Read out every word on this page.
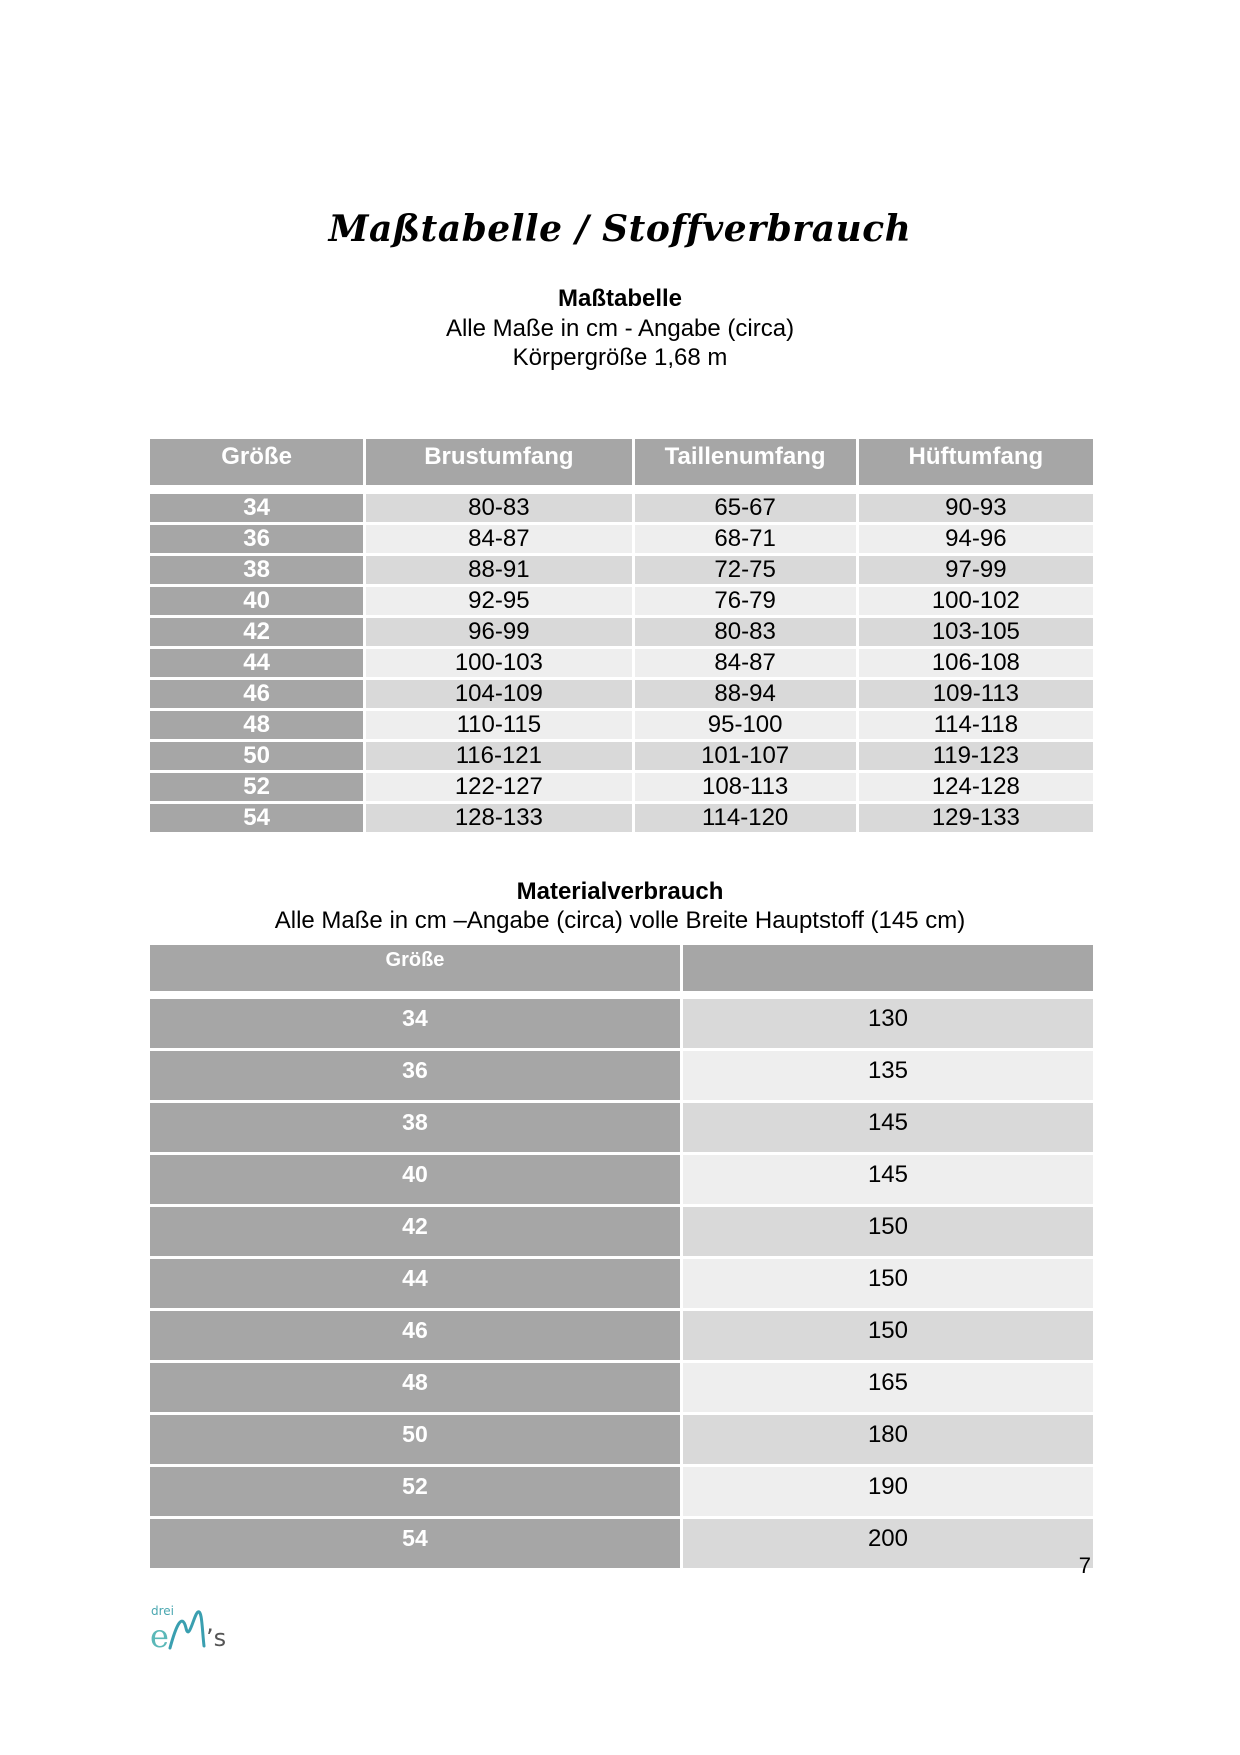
Maßtabelle / Stoffverbrauch
Maßtabelle
Alle Maße in cm - Angabe (circa)
Körpergröße 1,68 m
Größe	Brustumfang	Taillenumfang	Hüftumfang

34	80-83	65-67	90-93
36	84-87	68-71	94-96
38	88-91	72-75	97-99
40	92-95	76-79	100-102
42	96-99	80-83	103-105
44	100-103	84-87	106-108
46	104-109	88-94	109-113
48	110-115	95-100	114-118
50	116-121	101-107	119-123
52	122-127	108-113	124-128
54	128-133	114-120	129-133
Materialverbrauch
Alle Maße in cm –Angabe (circa) volle Breite Hauptstoff (145 cm)
Größe	

34	130
36	135
38	145
40	145
42	150
44	150
46	150
48	165
50	180
52	190
54	200
7
drei
e ’s
